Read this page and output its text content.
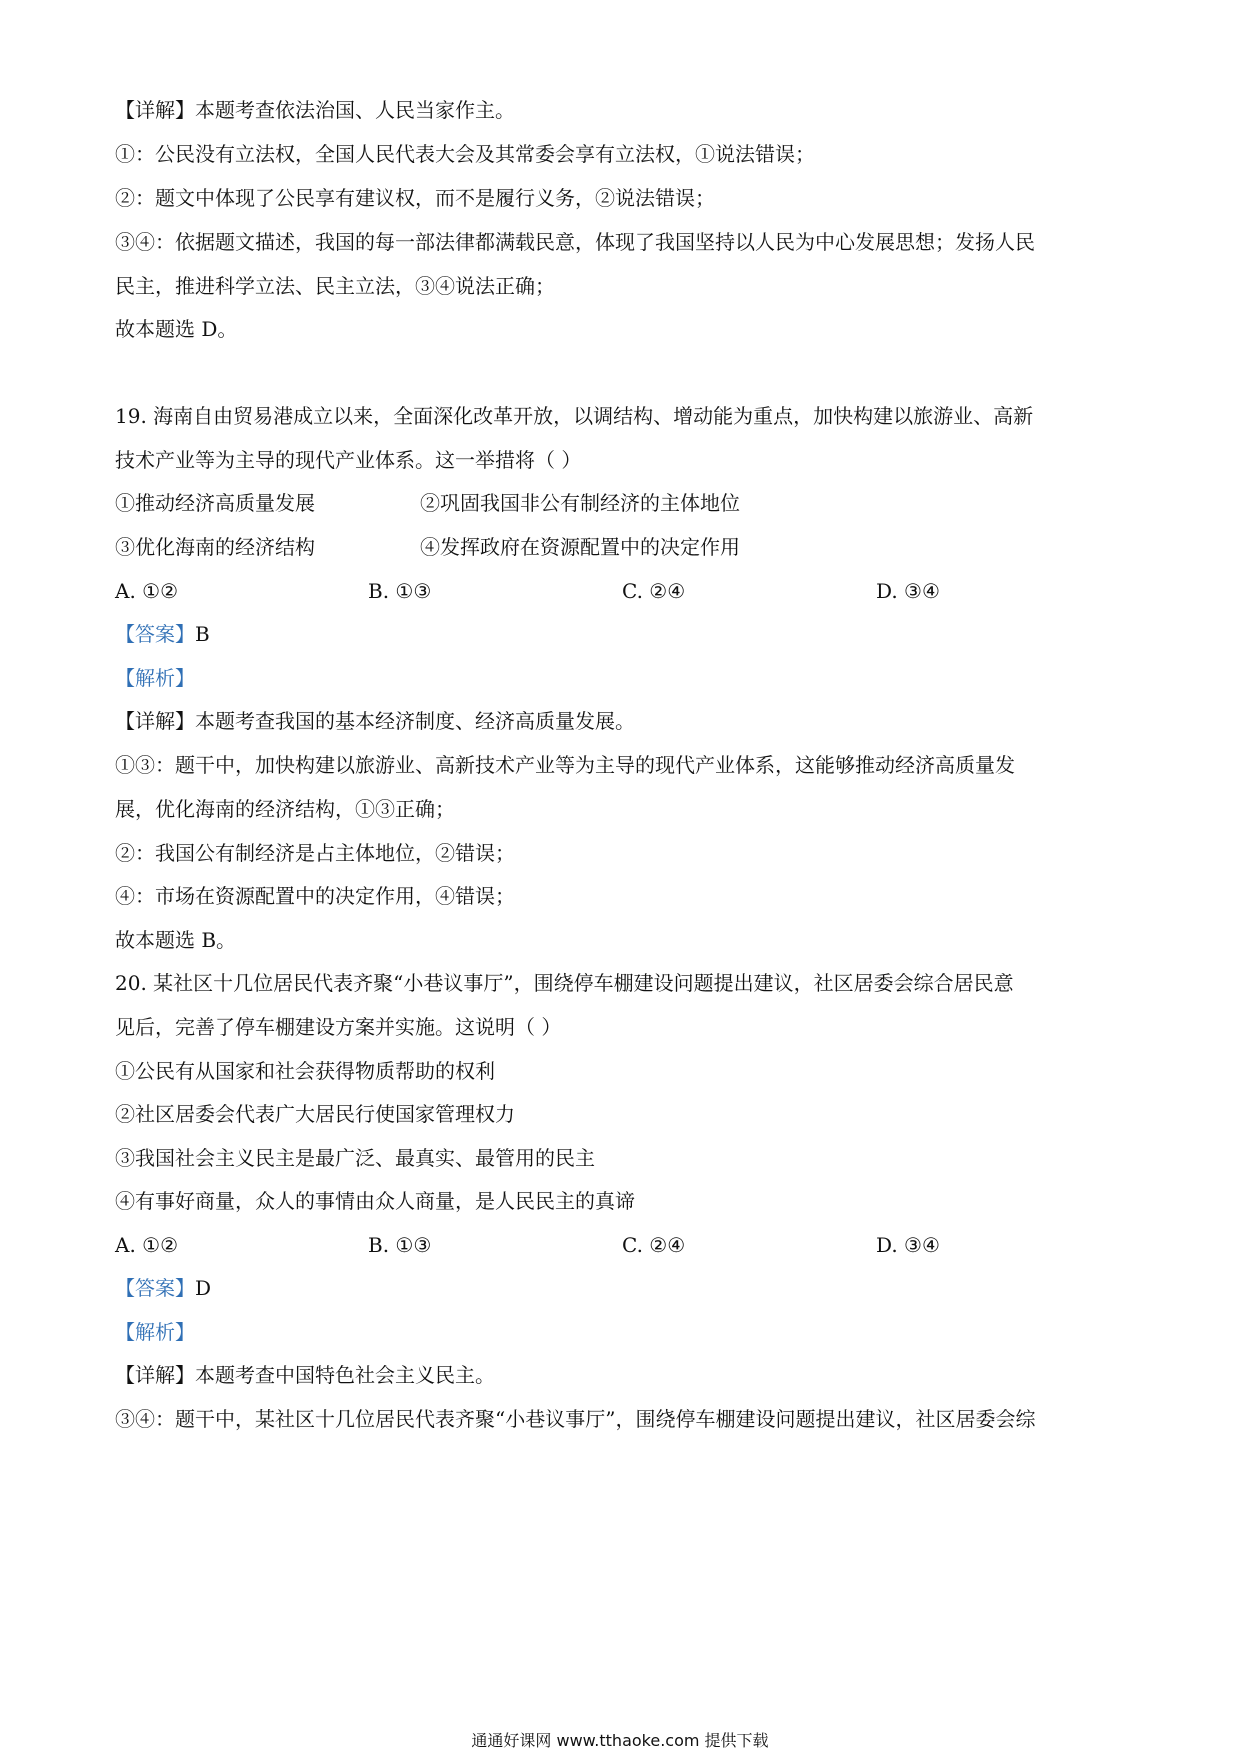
【详解】本题考查依法治国、人民当家作主。
①：公民没有立法权，全国人民代表大会及其常委会享有立法权，①说法错误；
②：题文中体现了公民享有建议权，而不是履行义务，②说法错误；
③④：依据题文描述，我国的每一部法律都满载民意，体现了我国坚持以人民为中心发展思想；发扬人民
民主，推进科学立法、民主立法，③④说法正确；
故本题选 D。
19. 海南自由贸易港成立以来，全面深化改革开放，以调结构、增动能为重点，加快构建以旅游业、高新
技术产业等为主导的现代产业体系。这一举措将（ ）
①推动经济高质量发展	②巩固我国非公有制经济的主体地位
③优化海南的经济结构	④发挥政府在资源配置中的决定作用
A. ①②	B. ①③	C. ②④	D. ③④
【答案】B
【解析】
【详解】本题考查我国的基本经济制度、经济高质量发展。
①③：题干中，加快构建以旅游业、高新技术产业等为主导的现代产业体系，这能够推动经济高质量发
展，优化海南的经济结构，①③正确；
②：我国公有制经济是占主体地位，②错误；
④：市场在资源配置中的决定作用，④错误；
故本题选 B。
20. 某社区十几位居民代表齐聚“小巷议事厅”，围绕停车棚建设问题提出建议，社区居委会综合居民意
见后，完善了停车棚建设方案并实施。这说明（ ）
①公民有从国家和社会获得物质帮助的权利
②社区居委会代表广大居民行使国家管理权力
③我国社会主义民主是最广泛、最真实、最管用的民主
④有事好商量，众人的事情由众人商量，是人民民主的真谛
A. ①②	B. ①③	C. ②④	D. ③④
【答案】D
【解析】
【详解】本题考查中国特色社会主义民主。
③④：题干中，某社区十几位居民代表齐聚“小巷议事厅”，围绕停车棚建设问题提出建议，社区居委会综
通通好课网 www.tthaoke.com 提供下载
